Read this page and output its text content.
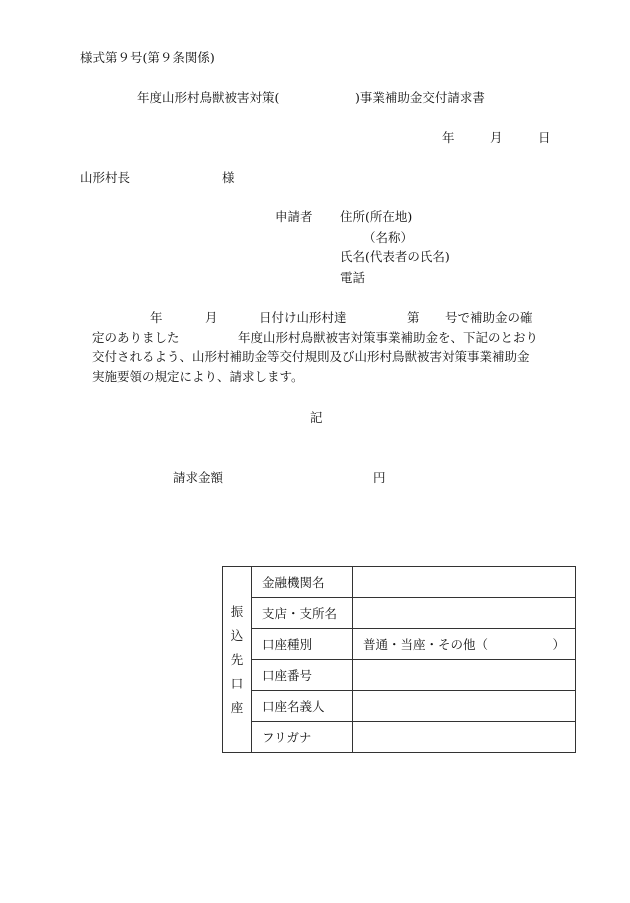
様式第９号(第９条関係)
年度山形村鳥獣被害対策(	)事業補助金交付請求書
年	月	日
山形村長	様
申請者 住所(所在地)
（名称）
氏名(代表者の氏名)
電話
年	月	日付け山形村達	第 号で補助金の確
定のありました	年度山形村鳥獣被害対策事業補助金を、下記のとおり
交付されるよう、山形村補助金等交付規則及び山形村鳥獣被害対策事業補助金
実施要領の規定により、請求します。
記
請求金額	円
振
込
先
口
座	金融機関名	
	支店・支所名	
	口座種別	普通・当座・その他（ ）

	口座番号	
	口座名義人	
	フリガナ	
